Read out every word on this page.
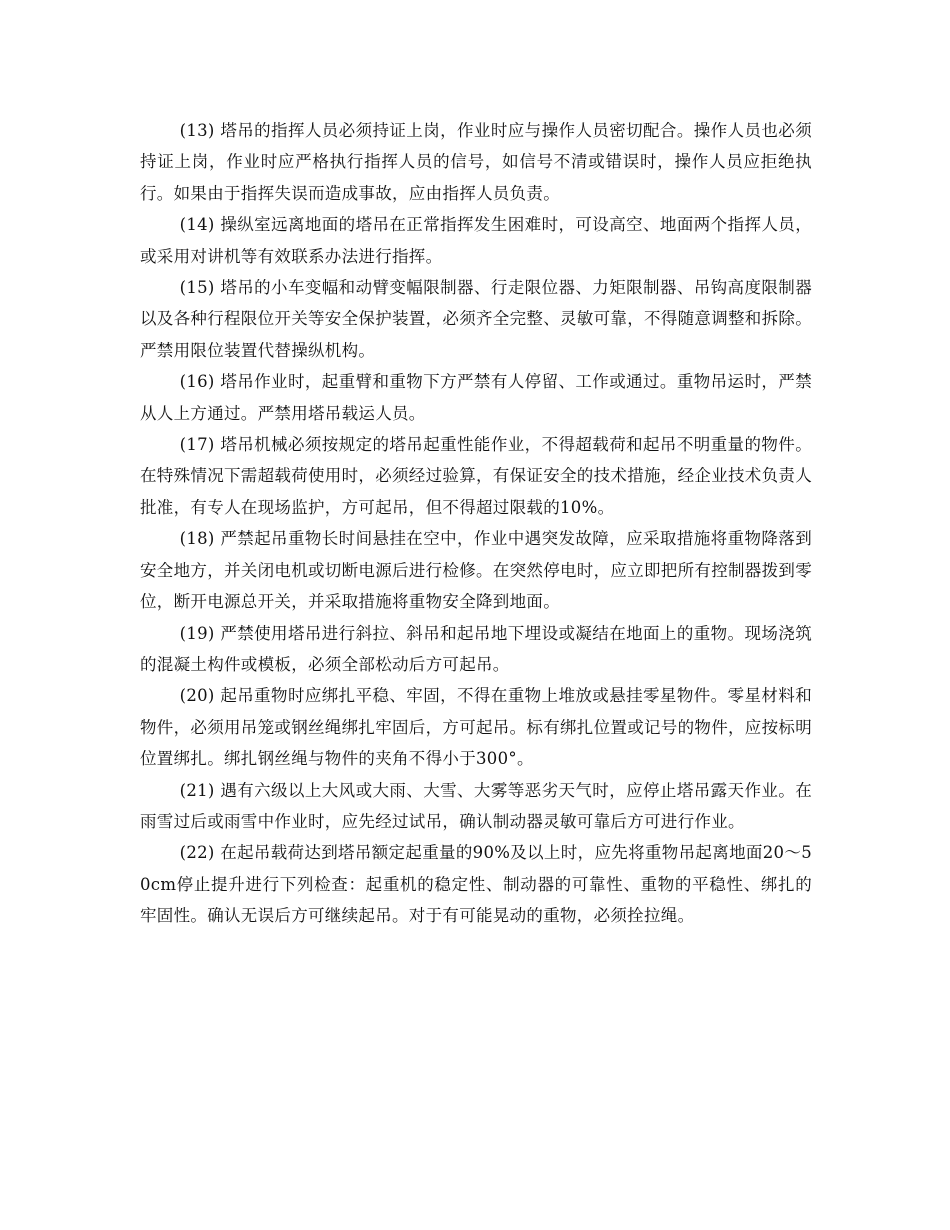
(13) 塔吊的指挥人员必须持证上岗，作业时应与操作人员密切配合。操作人员也必须持证上岗，作业时应严格执行指挥人员的信号，如信号不清或错误时，操作人员应拒绝执行。如果由于指挥失误而造成事故，应由指挥人员负责。

(14) 操纵室远离地面的塔吊在正常指挥发生困难时，可设高空、地面两个指挥人员，或采用对讲机等有效联系办法进行指挥。

(15) 塔吊的小车变幅和动臂变幅限制器、行走限位器、力矩限制器、吊钩高度限制器以及各种行程限位开关等安全保护装置，必须齐全完整、灵敏可靠，不得随意调整和拆除。严禁用限位装置代替操纵机构。

(16) 塔吊作业时，起重臂和重物下方严禁有人停留、工作或通过。重物吊运时，严禁从人上方通过。严禁用塔吊载运人员。

(17) 塔吊机械必须按规定的塔吊起重性能作业，不得超载荷和起吊不明重量的物件。在特殊情况下需超载荷使用时，必须经过验算，有保证安全的技术措施，经企业技术负责人批准，有专人在现场监护，方可起吊，但不得超过限载的10%。

(18) 严禁起吊重物长时间悬挂在空中，作业中遇突发故障，应采取措施将重物降落到安全地方，并关闭电机或切断电源后进行检修。在突然停电时，应立即把所有控制器拨到零位，断开电源总开关，并采取措施将重物安全降到地面。

(19) 严禁使用塔吊进行斜拉、斜吊和起吊地下埋设或凝结在地面上的重物。现场浇筑的混凝土构件或模板，必须全部松动后方可起吊。

(20) 起吊重物时应绑扎平稳、牢固，不得在重物上堆放或悬挂零星物件。零星材料和物件，必须用吊笼或钢丝绳绑扎牢固后，方可起吊。标有绑扎位置或记号的物件，应按标明位置绑扎。绑扎钢丝绳与物件的夹角不得小于300°。

(21) 遇有六级以上大风或大雨、大雪、大雾等恶劣天气时，应停止塔吊露天作业。在雨雪过后或雨雪中作业时，应先经过试吊，确认制动器灵敏可靠后方可进行作业。

(22) 在起吊载荷达到塔吊额定起重量的90%及以上时，应先将重物吊起离地面20～50cm停止提升进行下列检查：起重机的稳定性、制动器的可靠性、重物的平稳性、绑扎的牢固性。确认无误后方可继续起吊。对于有可能晃动的重物，必须拴拉绳。
